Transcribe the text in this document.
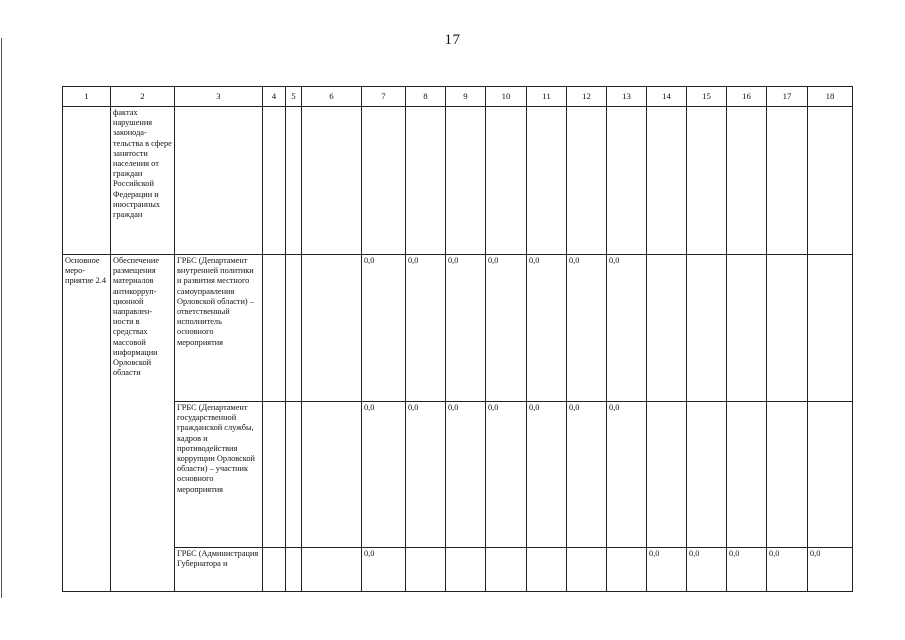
17
1	2	3	4	5	6	7	8	9	10	11	12	13	14	15	16	17	18
	фактах нарушения законода-тельства в сфере занятости населения от граждан Российской Федерации и иностранных граждан																
Основное меро-приятие 2.4	Обеспечение размещения материалов антикорруп-ционной направлен-ности в средствах массовой информации Орловской области	ГРБС (Департамент внутренней политики и развития местного самоуправления Орловской области) – ответственный исполнитель основного мероприятия				0,0	0,0	0,0	0,0	0,0	0,0	0,0					
		ГРБС (Департамент государственной гражданской службы, кадров и противодействия коррупции Орловской области) – участник основного мероприятия				0,0	0,0	0,0	0,0	0,0	0,0	0,0					
		ГРБС (Администрация Губернатора и				0,0							0,0	0,0	0,0	0,0	0,0
